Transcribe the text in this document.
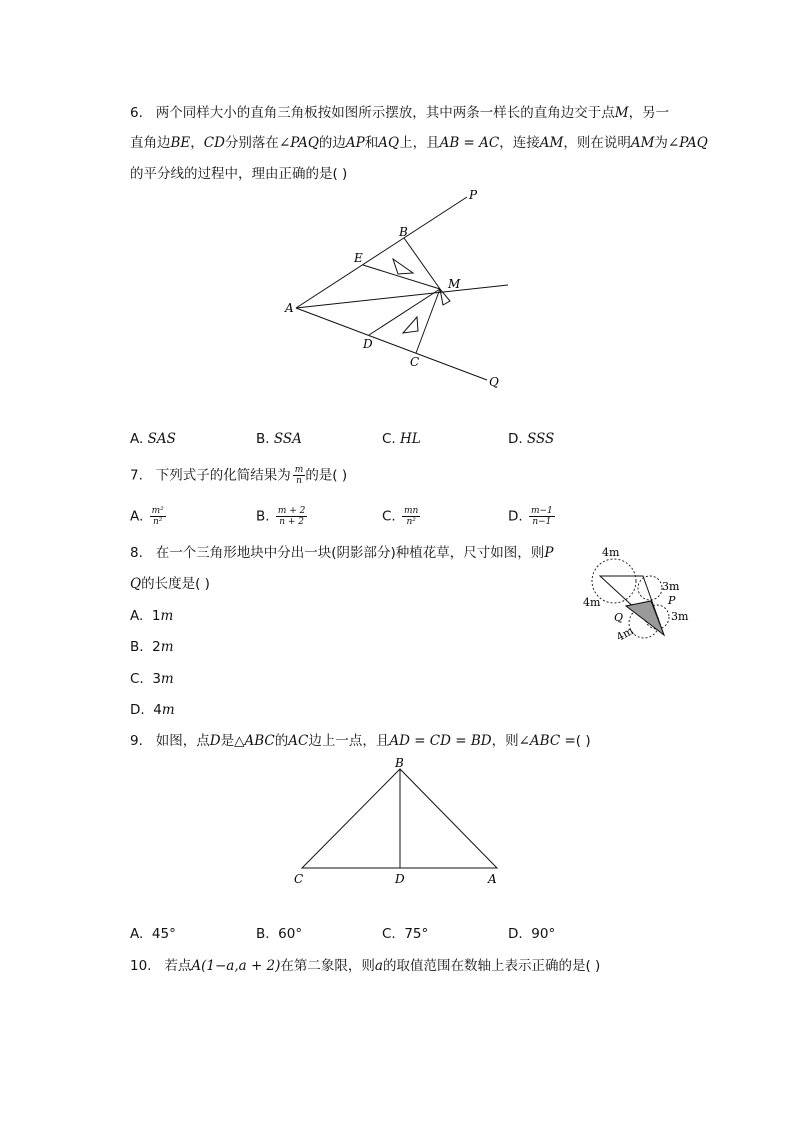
6. 两个同样大小的直角三角板按如图所示摆放，其中两条一样长的直角边交于点M，另一
直角边BE，CD分别落在∠PAQ的边AP和AQ上，且AB = AC，连接AM，则在说明AM为∠PAQ
的平分线的过程中，理由正确的是( )
P
B
E
M
A
D
C
Q
A. SAS	B. SSA	C. HL	D. SSS
7. 下列式子的化简结果为 $\frac{m}{n}$ 的是( )
A. $\frac{\text{m²}}{\text{n²}}$	B. $\frac{m + 2}{n + 2}$	C. $\frac{mn}{\text{n²}}$	D. $\frac{m-1}{n-1}$
8. 在一个三角形地块中分出一块(阴影部分)种植花草，尺寸如图，则P
Q的长度是( )
4m
3m
P
4m
Q	3m
4m
A. 1m
B. 2m
C. 3m
D. 4m
9. 如图，点D是△ABC的AC边上一点，且AD = CD = BD，则∠ABC =( )
B
C	D	A
A. 45°	B. 60°	C. 75°	D. 90°
10. 若点A(1−a,a + 2)在第二象限，则a的取值范围在数轴上表示正确的是( )
